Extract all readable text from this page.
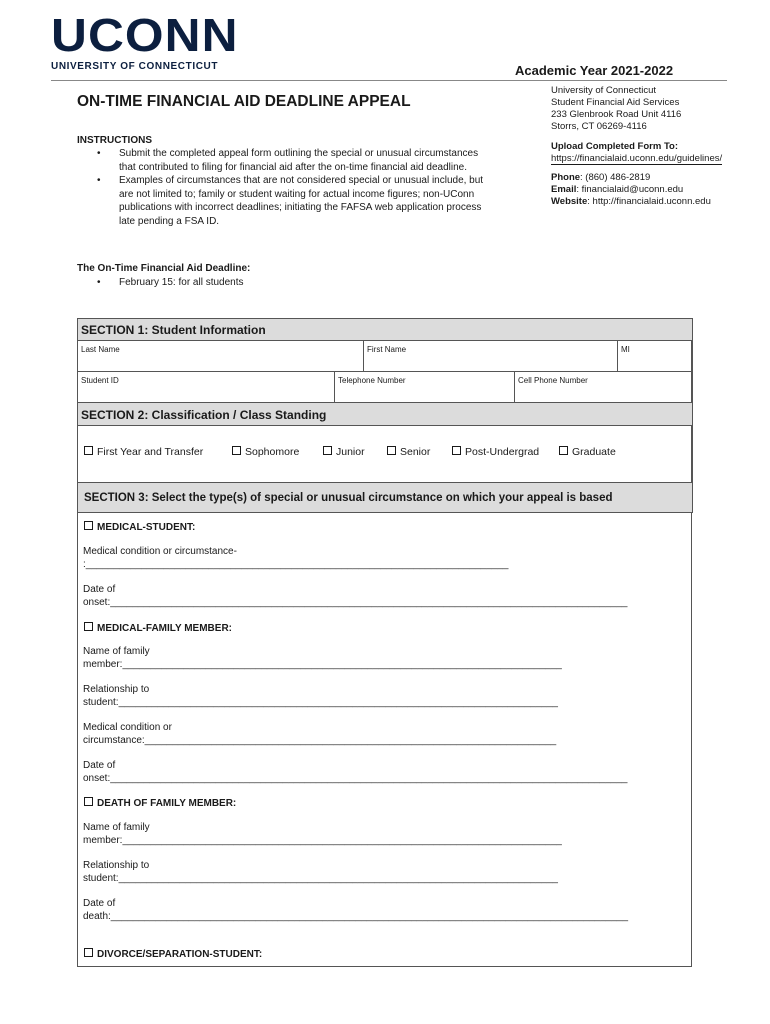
UCONN
UNIVERSITY OF CONNECTICUT	Academic Year 2021-2022
University of Connecticut
Student Financial Aid Services
233 Glenbrook Road Unit 4116
Storrs, CT 06269-4116
ON-TIME FINANCIAL AID DEADLINE APPEAL
INSTRUCTIONS
• Submit the completed appeal form outlining the special or unusual circumstances that contributed to filing for financial aid after the on-time financial aid deadline.
• Examples of circumstances that are not considered special or unusual include, but are not limited to; family or student waiting for actual income figures; non-UConn publications with incorrect deadlines; initiating the FAFSA web application process late pending a FSA ID.
Upload Completed Form To:
https://financialaid.uconn.edu/guidelines/
Phone: (860) 486-2819
Email: financialaid@uconn.edu
Website: http://financialaid.uconn.edu
The On-Time Financial Aid Deadline:
• February 15: for all students
SECTION 1: Student Information
Last Name	First Name	MI
Student ID	Telephone Number	Cell Phone Number
SECTION 2: Classification / Class Standing
First Year and Transfer	Sophomore	Junior	Senior	Post-Undergrad	Graduate
SECTION 3: Select the type(s) of special or unusual circumstance on which your appeal is based
MEDICAL-STUDENT:
Medical condition or circumstance-
:____________________________________________________________________________
Date of
onset:_____________________________________________________________________________________________
MEDICAL-FAMILY MEMBER:
Name of family
member:_______________________________________________________________________________
Relationship to
student:_______________________________________________________________________________
Medical condition or
circumstance:__________________________________________________________________________
Date of
onset:_____________________________________________________________________________________________
DEATH OF FAMILY MEMBER:
Name of family
member:_______________________________________________________________________________
Relationship to
student:_______________________________________________________________________________
Date of
death:_____________________________________________________________________________________________
DIVORCE/SEPARATION-STUDENT:
